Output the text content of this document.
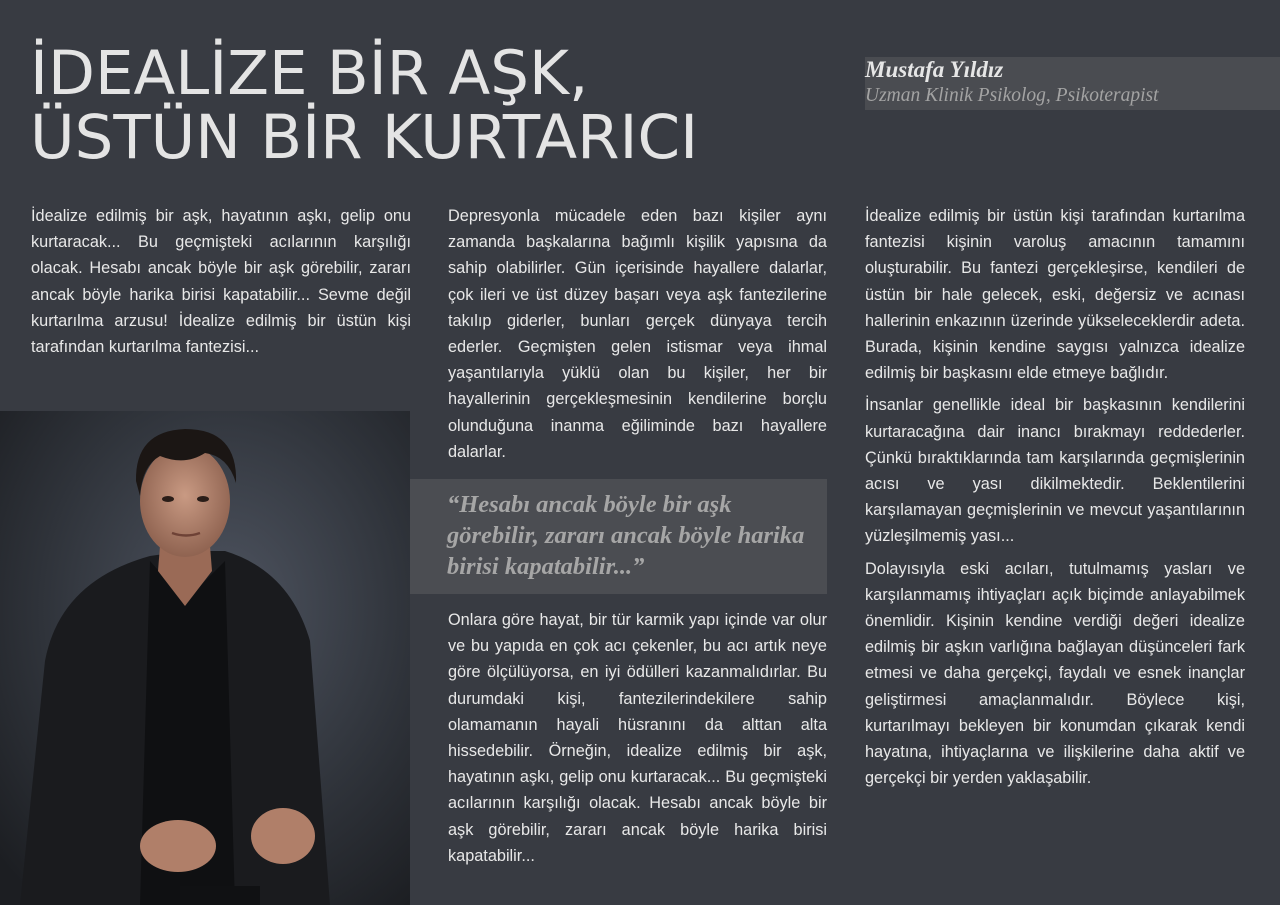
İDEALİZE BİR AŞK,
ÜSTÜN BİR KURTARICI
Mustafa Yıldız
Uzman Klinik Psikolog, Psikoterapist

İdealize edilmiş bir aşk, hayatının aşkı, gelip onu kurtaracak... Bu geçmişteki acılarının karşılığı olacak. Hesabı ancak böyle bir aşk görebilir, zararı ancak böyle harika birisi kapatabilir... Sevme değil kurtarılma arzusu! İdealize edilmiş bir üstün kişi tarafından kurtarılma fantezisi...

Depresyonla mücadele eden bazı kişiler aynı zamanda başkalarına bağımlı kişilik yapısına da sahip olabilirler. Gün içerisinde hayallere dalarlar, çok ileri ve üst düzey başarı veya aşk fantezilerine takılıp giderler, bunları gerçek dünyaya tercih ederler. Geçmişten gelen istismar veya ihmal yaşantılarıyla yüklü olan bu kişiler, her bir hayallerinin gerçekleşmesinin kendilerine borçlu olunduğuna inanma eğiliminde bazı hayallere dalarlar.

“Hesabı ancak böyle bir aşk görebilir, zararı ancak böyle harika birisi kapatabilir...”

Onlara göre hayat, bir tür karmik yapı içinde var olur ve bu yapıda en çok acı çekenler, bu acı artık neye göre ölçülüyorsa, en iyi ödülleri kazanmalıdırlar. Bu durumdaki kişi, fantezilerindekilere sahip olamamanın hayali hüsranını da alttan alta hissedebilir. Örneğin, idealize edilmiş bir aşk, hayatının aşkı, gelip onu kurtaracak... Bu geçmişteki acılarının karşılığı olacak. Hesabı ancak böyle bir aşk görebilir, zararı ancak böyle harika birisi kapatabilir...

İdealize edilmiş bir üstün kişi tarafından kurtarılma fantezisi kişinin varoluş amacının tamamını oluşturabilir. Bu fantezi gerçekleşirse, kendileri de üstün bir hale gelecek, eski, değersiz ve acınası hallerinin enkazının üzerinde yükseleceklerdir adeta. Burada, kişinin kendine saygısı yalnızca idealize edilmiş bir başkasını elde etmeye bağlıdır.

İnsanlar genellikle ideal bir başkasının kendilerini kurtaracağına dair inancı bırakmayı reddederler. Çünkü bıraktıklarında tam karşılarında geçmişlerinin acısı ve yası dikilmektedir. Beklentilerini karşılamayan geçmişlerinin ve mevcut yaşantılarının yüzleşilmemiş yası...

Dolayısıyla eski acıları, tutulmamış yasları ve karşılanmamış ihtiyaçları açık biçimde anlayabilmek önemlidir. Kişinin kendine verdiği değeri idealize edilmiş bir aşkın varlığına bağlayan düşünceleri fark etmesi ve daha gerçekçi, faydalı ve esnek inançlar geliştirmesi amaçlanmalıdır. Böylece kişi, kurtarılmayı bekleyen bir konumdan çıkarak kendi hayatına, ihtiyaçlarına ve ilişkilerine daha aktif ve gerçekçi bir yerden yaklaşabilir.
